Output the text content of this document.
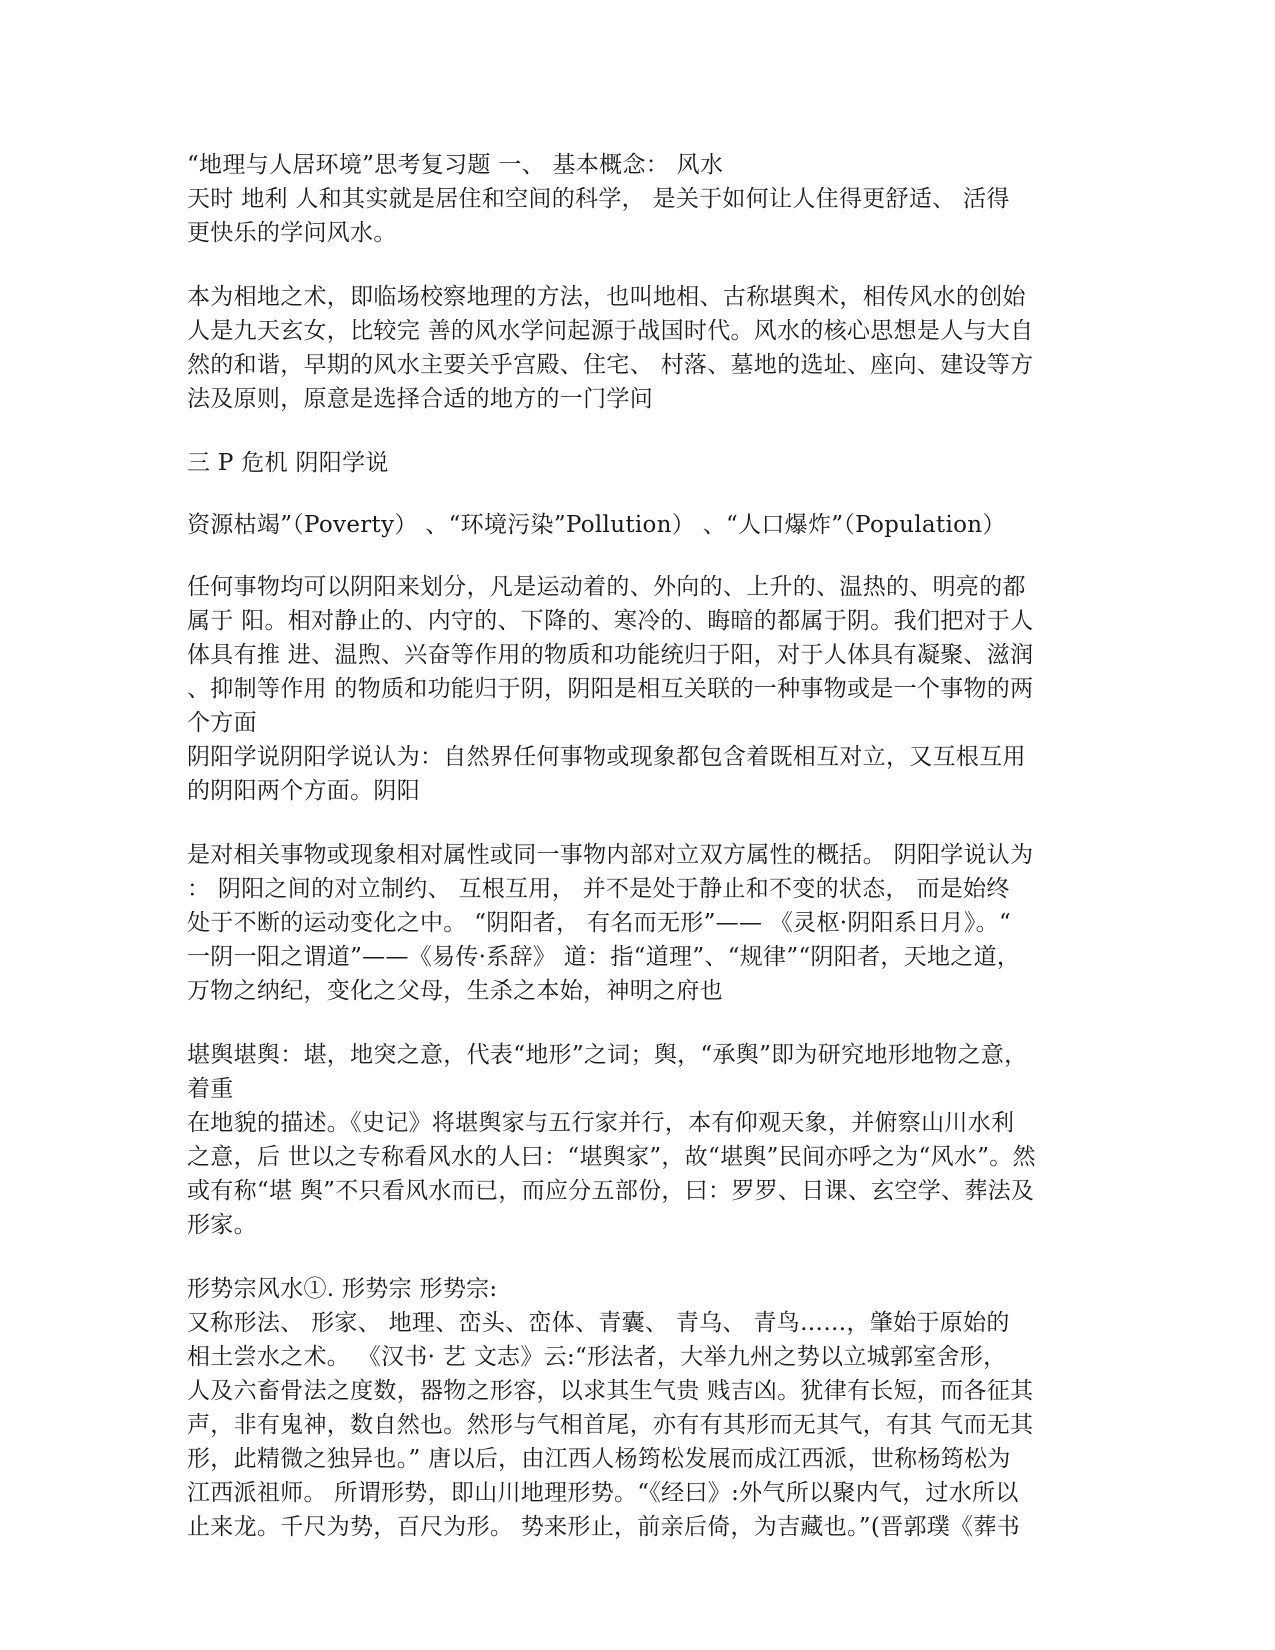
“地理与人居环境”思考复习题 一、 基本概念： 风水
天时 地利 人和其实就是居住和空间的科学， 是关于如何让人住得更舒适、 活得
更快乐的学问风水。
本为相地之术，即临场校察地理的方法，也叫地相、古称堪舆术，相传风水的创始
人是九天玄女，比较完 善的风水学问起源于战国时代。风水的核心思想是人与大自
然的和谐，早期的风水主要关乎宫殿、住宅、 村落、墓地的选址、座向、建设等方
法及原则，原意是选择合适的地方的一门学问
三 P 危机 阴阳学说
资源枯竭”（Poverty） 、“环境污染”Pollution） 、“人口爆炸”（Population）
任何事物均可以阴阳来划分，凡是运动着的、外向的、上升的、温热的、明亮的都
属于 阳。相对静止的、内守的、下降的、寒冷的、晦暗的都属于阴。我们把对于人
体具有推 进、温煦、兴奋等作用的物质和功能统归于阳，对于人体具有凝聚、滋润
、抑制等作用 的物质和功能归于阴，阴阳是相互关联的一种事物或是一个事物的两
个方面
阴阳学说阴阳学说认为：自然界任何事物或现象都包含着既相互对立，又互根互用
的阴阳两个方面。阴阳
是对相关事物或现象相对属性或同一事物内部对立双方属性的概括。 阴阳学说认为
： 阴阳之间的对立制约、 互根互用， 并不是处于静止和不变的状态， 而是始终
处于不断的运动变化之中。 “阴阳者， 有名而无形”—— 《灵枢·阴阳系日月》。“
一阴一阳之谓道”——《易传·系辞》 道：指“道理”、“规律”“阴阳者，天地之道，
万物之纳纪，变化之父母，生杀之本始，神明之府也
堪舆堪舆：堪，地突之意，代表“地形”之词；舆，“承舆”即为研究地形地物之意，
着重
在地貌的描述。《史记》将堪舆家与五行家并行，本有仰观天象，并俯察山川水利
之意，后 世以之专称看风水的人曰：“堪舆家”，故“堪舆”民间亦呼之为“风水”。然
或有称“堪 舆”不只看风水而已，而应分五部份，曰：罗罗、日课、玄空学、葬法及
形家。
形势宗风水①. 形势宗 形势宗:
又称形法、 形家、 地理、峦头、峦体、青囊、 青乌、 青鸟……，肇始于原始的
相土尝水之术。 《汉书· 艺 文志》云:“形法者，大举九州之势以立城郭室舍形，
人及六畜骨法之度数，器物之形容，以求其生气贵 贱吉凶。犹律有长短，而各征其
声，非有鬼神，数自然也。然形与气相首尾，亦有有其形而无其气，有其 气而无其
形，此精微之独异也。” 唐以后，由江西人杨筠松发展而成江西派，世称杨筠松为
江西派祖师。 所谓形势，即山川地理形势。“《经曰》:外气所以聚内气，过水所以
止来龙。千尺为势，百尺为形。 势来形止，前亲后倚，为吉藏也。”(晋郭璞《葬书
